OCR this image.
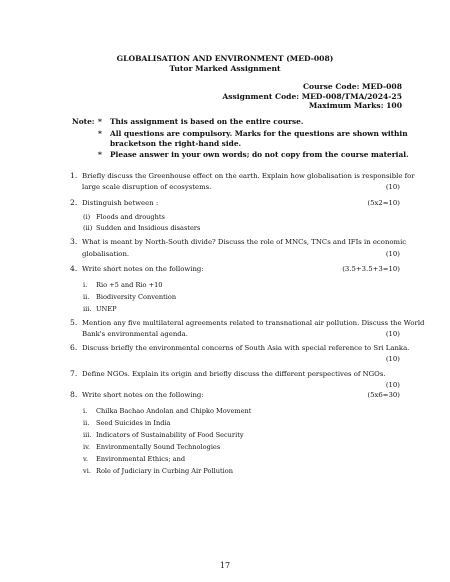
GLOBALISATION AND ENVIRONMENT (MED-008)
Tutor Marked Assignment
Course Code: MED-008
Assignment Code: MED-008/TMA/2024-25
Maximum Marks: 100
Note: * This assignment is based on the entire course.
* All questions are compulsory. Marks for the questions are shown within
bracketson the right-hand side.
* Please answer in your own words; do not copy from the course material.
1. Briefly discuss the Greenhouse effect on the earth. Explain how globalisation is responsible for
large scale disruption of ecosystems.	(10)
2. Distinguish between :	(5x2=10)
(i) Floods and droughts
(ii) Sudden and Insidious disasters
3. What is meant by North-South divide? Discuss the role of MNCs, TNCs and IFIs in economic
globalisation.	(10)
4. Write short notes on the following:	(3.5+3.5+3=10)
i. Rio +5 and Rio +10
ii. Biodiversity Convention
iii. UNEP
5. Mention any five multilateral agreements related to transnational air pollution. Discuss the World
Bank's environmental agenda.	(10)
6. Discuss briefly the environmental concerns of South Asia with special reference to Sri Lanka.
(10)
7. Define NGOs. Explain its origin and briefly discuss the different perspectives of NGOs.
(10)
8. Write short notes on the following:	(5x6=30)
i. Chilka Bachao Andolan and Chipko Movement
ii. Seed Suicides in India
iii. Indicators of Sustainability of Food Security
iv. Environmentally Sound Technologies
v. Environmental Ethics; and
vi. Role of Judiciary in Curbing Air Pollution
17
